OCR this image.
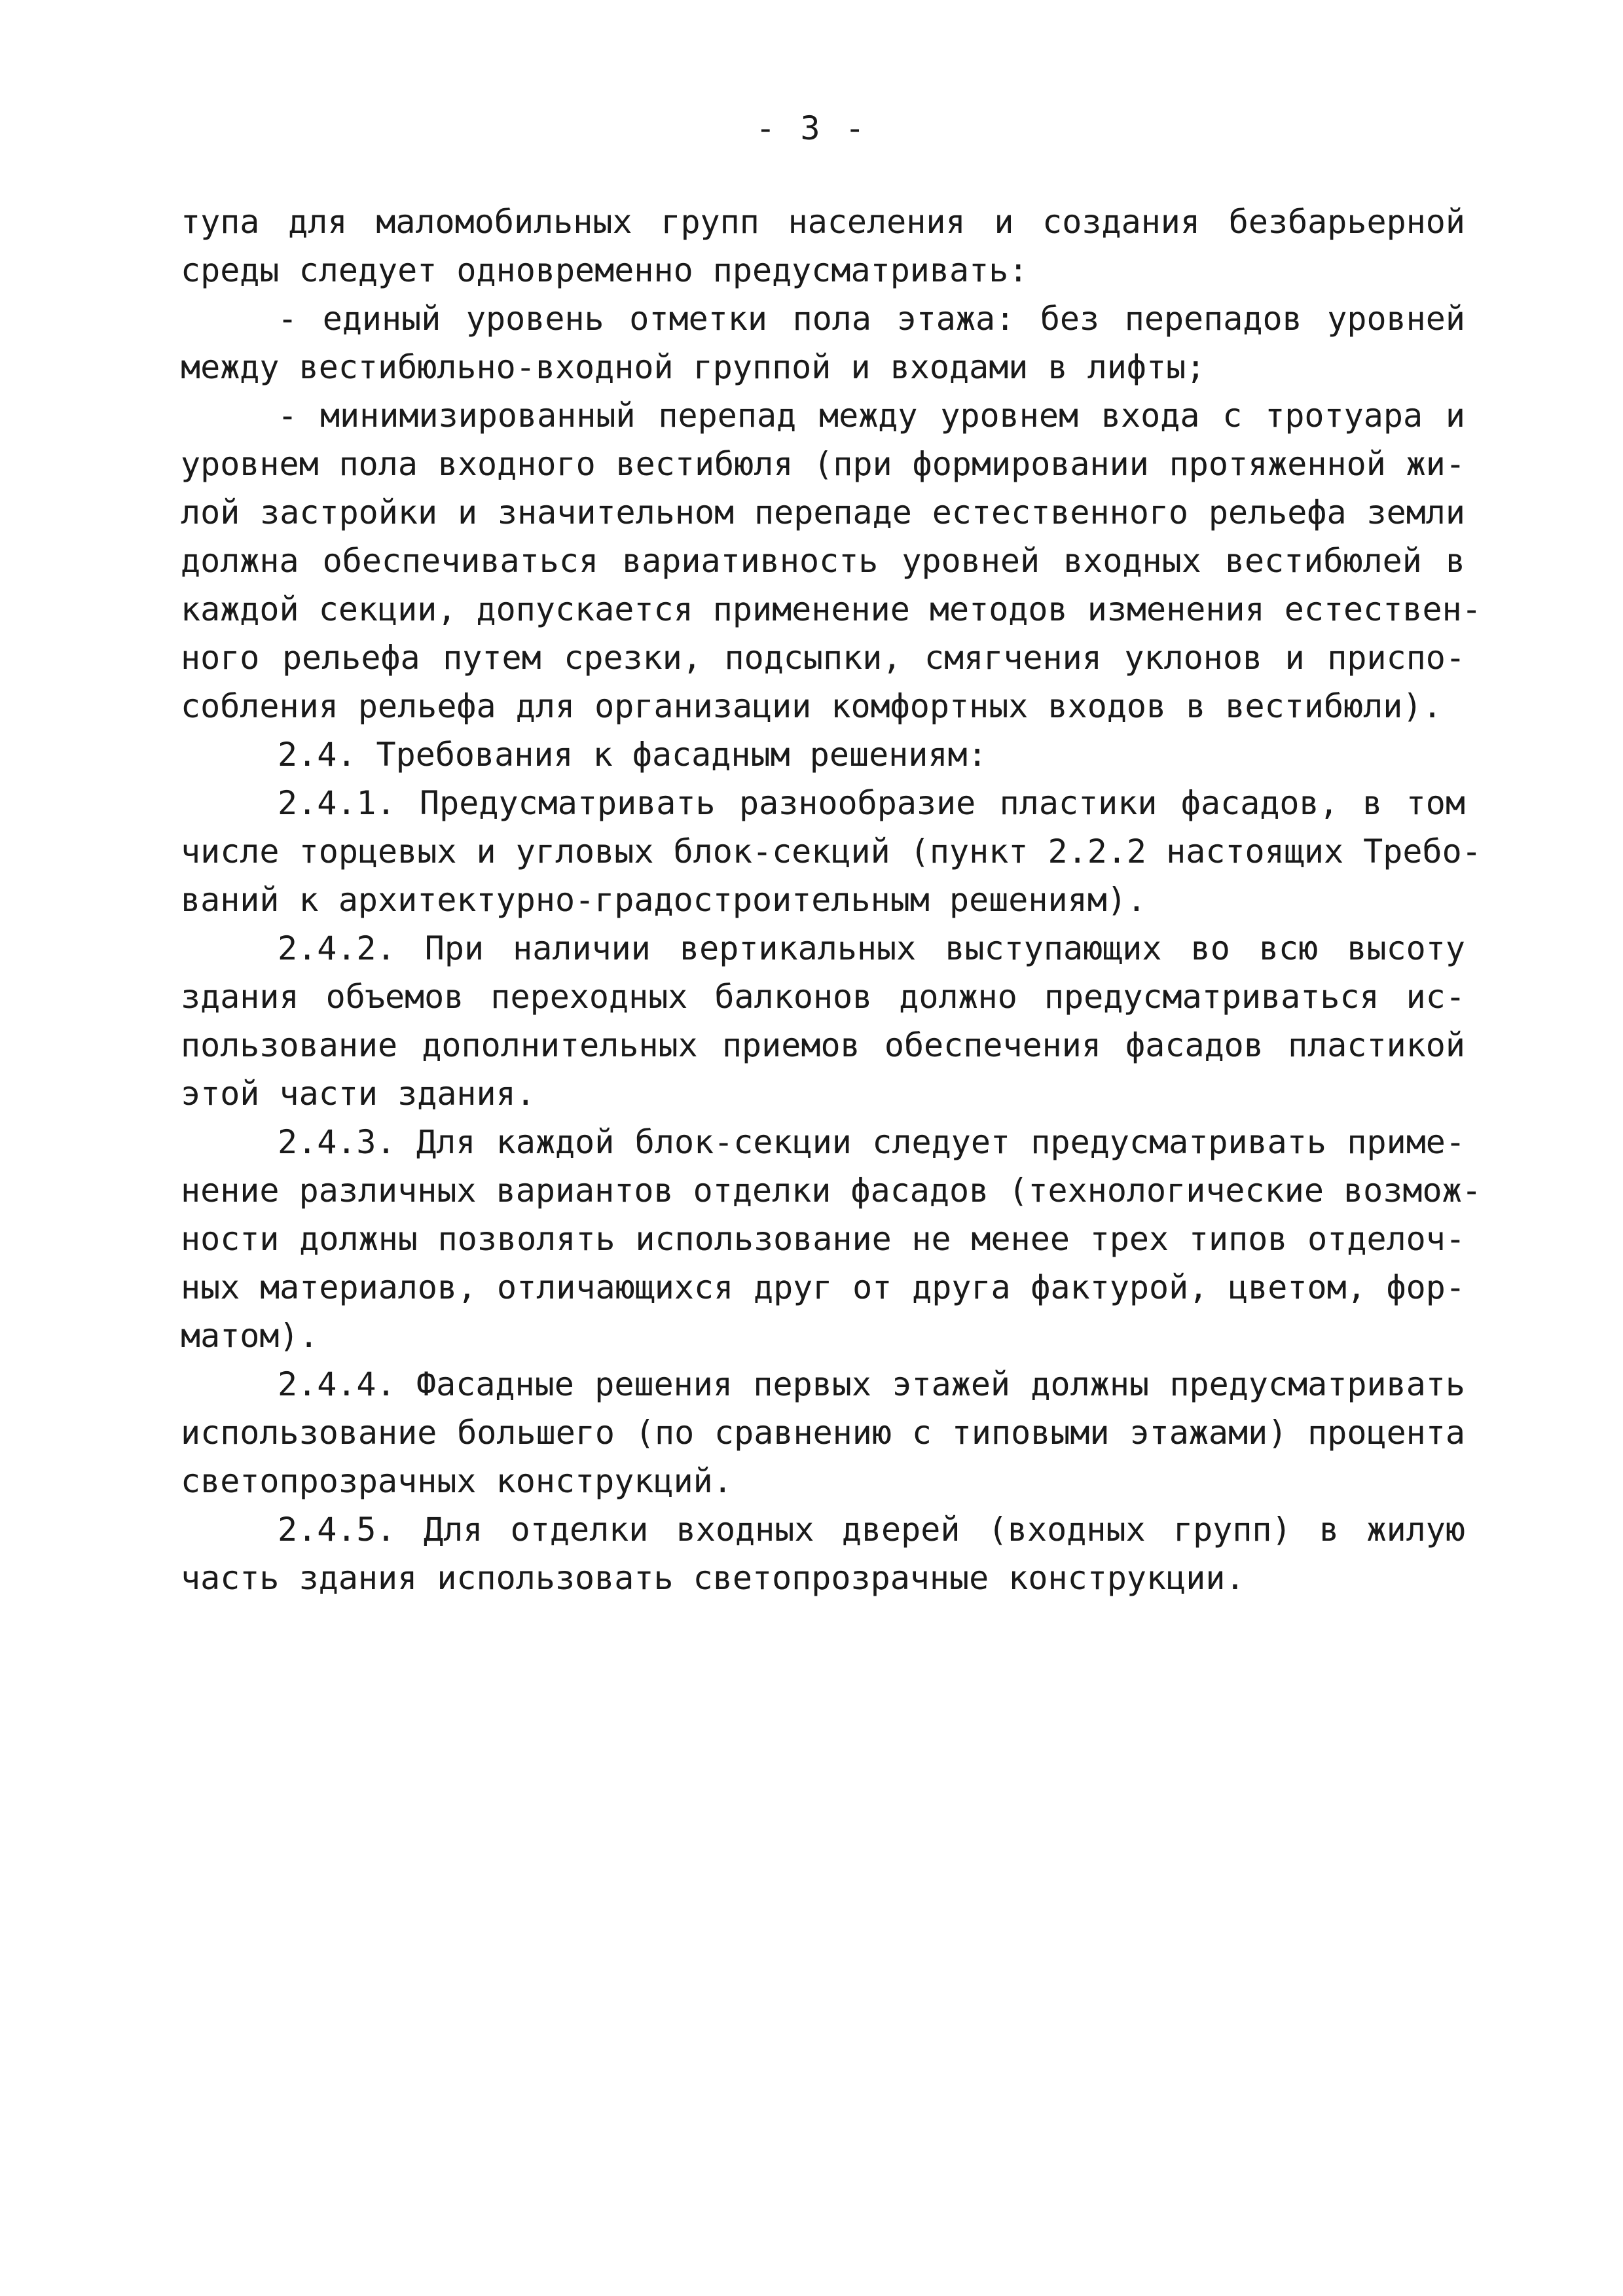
- 3 -
тупа для маломобильных групп населения и создания безбарьерной
среды следует одновременно предусматривать:
- единый уровень отметки пола этажа: без перепадов уровней
между вестибюльно-входной группой и входами в лифты;
- минимизированный перепад между уровнем входа с тротуара и
уровнем пола входного вестибюля (при формировании протяженной жи-
лой застройки и значительном перепаде естественного рельефа земли
должна обеспечиваться вариативность уровней входных вестибюлей в
каждой секции, допускается применение методов изменения естествен-
ного рельефа путем срезки, подсыпки, смягчения уклонов и приспо-
собления рельефа для организации комфортных входов в вестибюли).
2.4. Требования к фасадным решениям:
2.4.1. Предусматривать разнообразие пластики фасадов, в том
числе торцевых и угловых блок-секций (пункт 2.2.2 настоящих Требо-
ваний к архитектурно-градостроительным решениям).
2.4.2. При наличии вертикальных выступающих во всю высоту
здания объемов переходных балконов должно предусматриваться ис-
пользование дополнительных приемов обеспечения фасадов пластикой
этой части здания.
2.4.3. Для каждой блок-секции следует предусматривать приме-
нение различных вариантов отделки фасадов (технологические возмож-
ности должны позволять использование не менее трех типов отделоч-
ных материалов, отличающихся друг от друга фактурой, цветом, фор-
матом).
2.4.4. Фасадные решения первых этажей должны предусматривать
использование большего (по сравнению с типовыми этажами) процента
светопрозрачных конструкций.
2.4.5. Для отделки входных дверей (входных групп) в жилую
часть здания использовать светопрозрачные конструкции.
